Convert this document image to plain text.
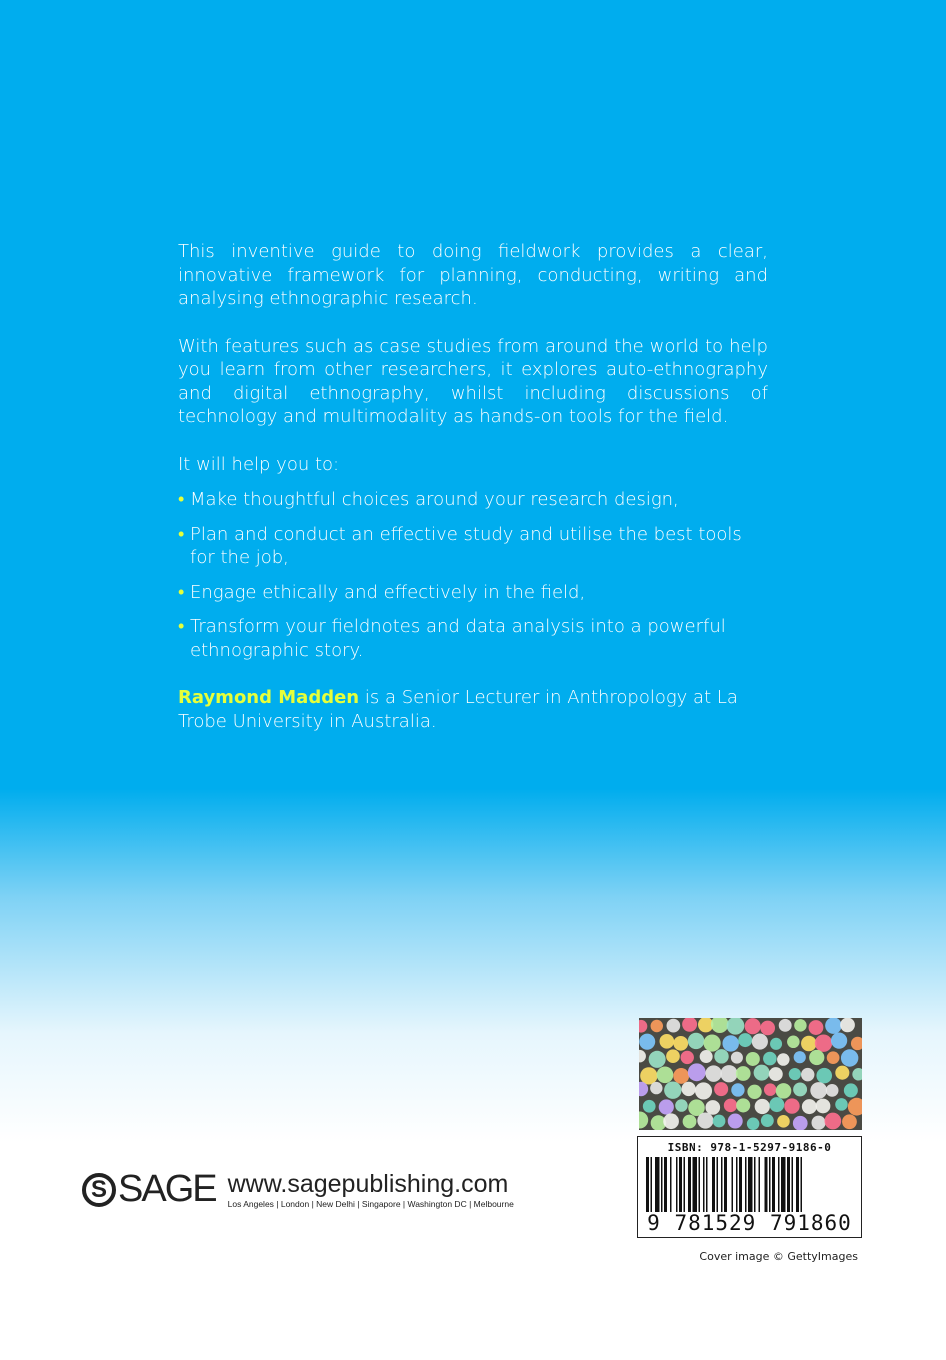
This inventive guide to doing fieldwork provides a clear, innovative framework for planning, conducting, writing and analysing ethnographic research.

With features such as case studies from around the world to help you learn from other researchers, it explores auto-ethnography and digital ethnography, whilst including discussions of technology and multimodality as hands-on tools for the field.

It will help you to:

• Make thoughtful choices around your research design,
• Plan and conduct an effective study and utilise the best tools for the job,
• Engage ethically and effectively in the field,
• Transform your fieldnotes and data analysis into a powerful ethnographic story.

Raymond Madden is a Senior Lecturer in Anthropology at La Trobe University in Australia.

S SAGE www.sagepublishing.com
Los Angeles | London | New Delhi | Singapore | Washington DC | Melbourne
ISBN: 978-1-5297-9186-0
9 781529 791860
Cover image © GettyImages
